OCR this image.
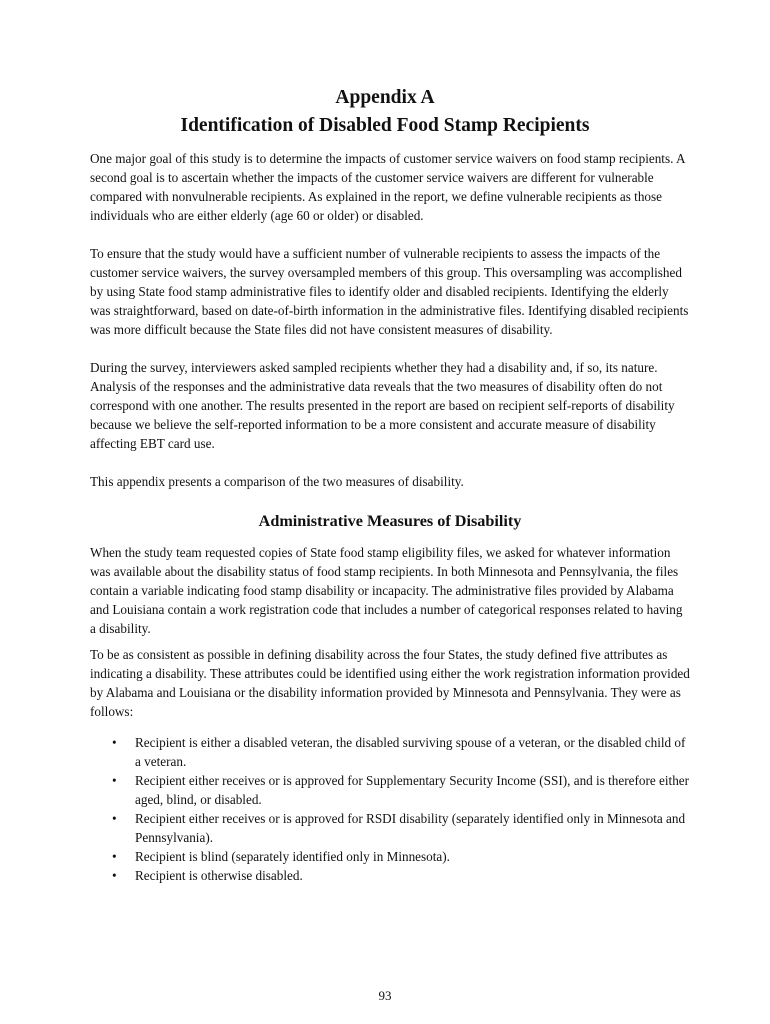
Appendix A
Identification of Disabled Food Stamp Recipients

One major goal of this study is to determine the impacts of customer service waivers on food stamp recipients. A second goal is to ascertain whether the impacts of the customer service waivers are different for vulnerable compared with nonvulnerable recipients. As explained in the report, we define vulnerable recipients as those individuals who are either elderly (age 60 or older) or disabled.

To ensure that the study would have a sufficient number of vulnerable recipients to assess the impacts of the customer service waivers, the survey oversampled members of this group. This oversampling was accomplished by using State food stamp administrative files to identify older and disabled recipients. Identifying the elderly was straightforward, based on date-of-birth information in the administrative files. Identifying disabled recipients was more difficult because the State files did not have consistent measures of disability.

During the survey, interviewers asked sampled recipients whether they had a disability and, if so, its nature. Analysis of the responses and the administrative data reveals that the two measures of disability often do not correspond with one another. The results presented in the report are based on recipient self-reports of disability because we believe the self-reported information to be a more consistent and accurate measure of disability affecting EBT card use.

This appendix presents a comparison of the two measures of disability.

Administrative Measures of Disability

When the study team requested copies of State food stamp eligibility files, we asked for whatever information was available about the disability status of food stamp recipients. In both Minnesota and Pennsylvania, the files contain a variable indicating food stamp disability or incapacity. The administrative files provided by Alabama and Louisiana contain a work registration code that includes a number of categorical responses related to having a disability.

To be as consistent as possible in defining disability across the four States, the study defined five attributes as indicating a disability. These attributes could be identified using either the work registration information provided by Alabama and Louisiana or the disability information provided by Minnesota and Pennsylvania. They were as follows:

• Recipient is either a disabled veteran, the disabled surviving spouse of a veteran, or the disabled child of a veteran.
• Recipient either receives or is approved for Supplementary Security Income (SSI), and is therefore either aged, blind, or disabled.
• Recipient either receives or is approved for RSDI disability (separately identified only in Minnesota and Pennsylvania).
• Recipient is blind (separately identified only in Minnesota).
• Recipient is otherwise disabled.
93
